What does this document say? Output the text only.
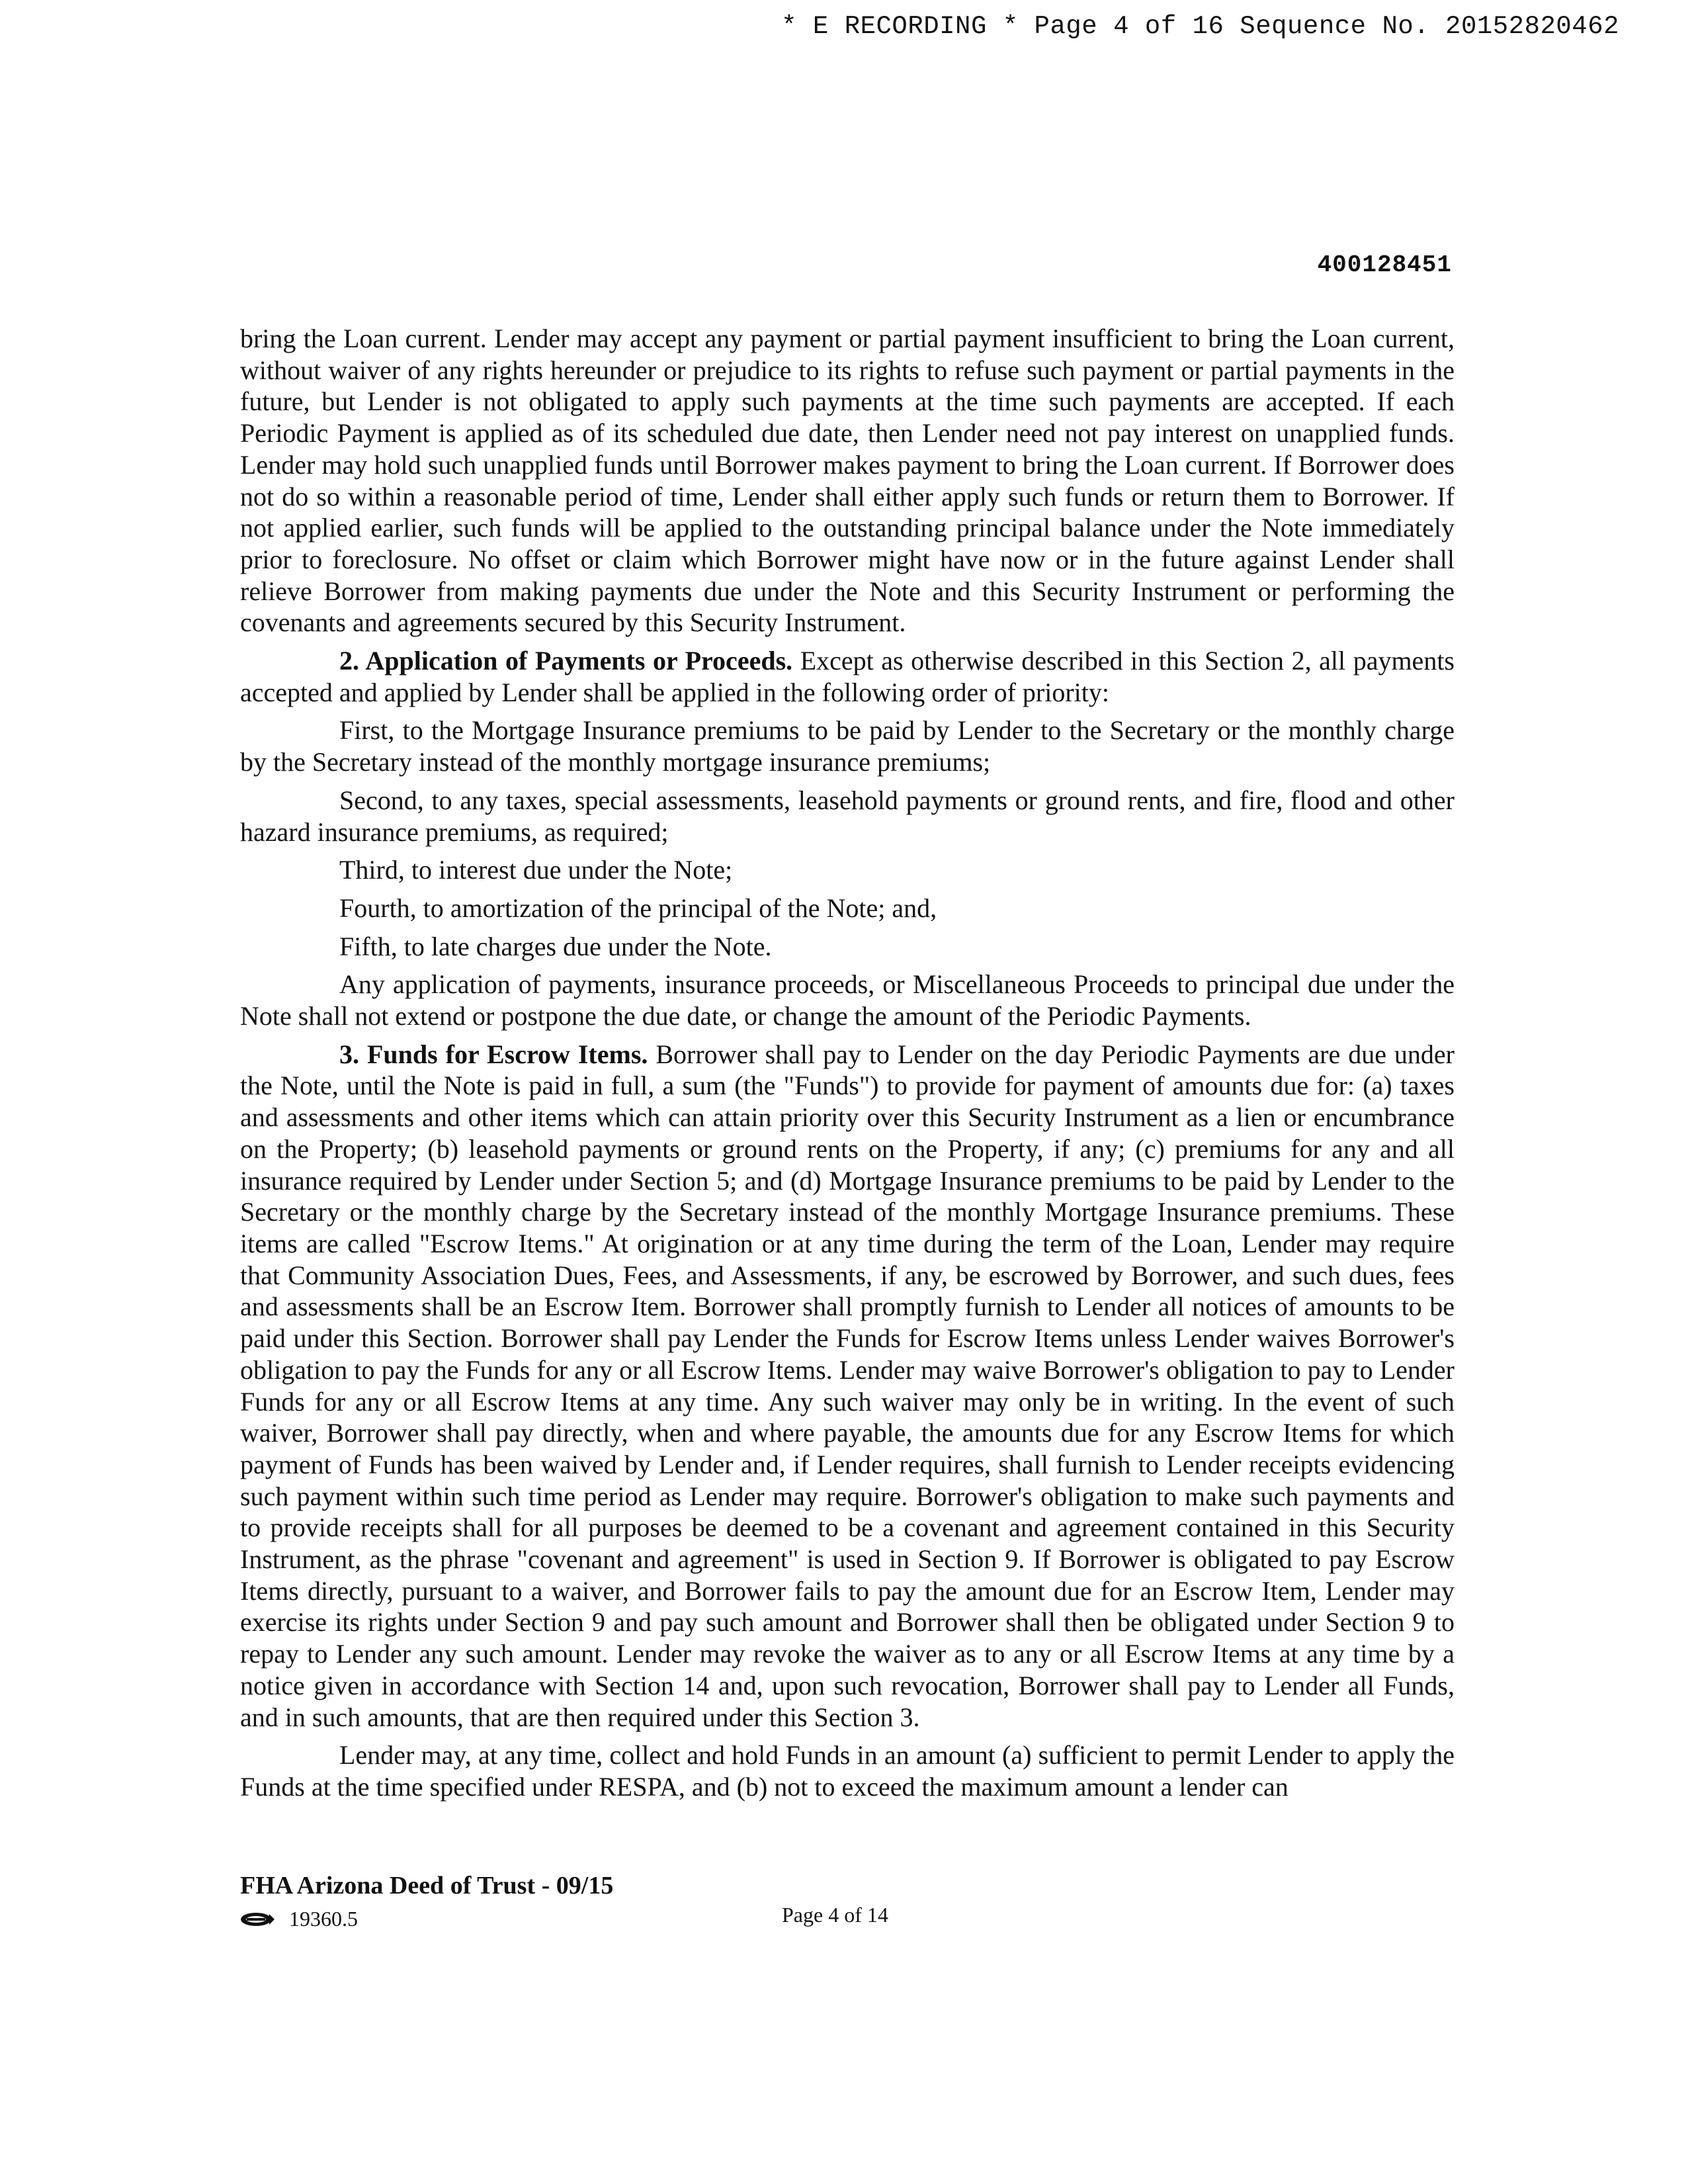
* E RECORDING * Page 4 of 16 Sequence No. 20152820462
400128451

bring the Loan current. Lender may accept any payment or partial payment insufficient to bring the Loan current, without waiver of any rights hereunder or prejudice to its rights to refuse such payment or partial payments in the future, but Lender is not obligated to apply such payments at the time such payments are accepted. If each Periodic Payment is applied as of its scheduled due date, then Lender need not pay interest on unapplied funds. Lender may hold such unapplied funds until Borrower makes payment to bring the Loan current. If Borrower does not do so within a reasonable period of time, Lender shall either apply such funds or return them to Borrower. If not applied earlier, such funds will be applied to the outstanding principal balance under the Note immediately prior to foreclosure. No offset or claim which Borrower might have now or in the future against Lender shall relieve Borrower from making payments due under the Note and this Security Instrument or performing the covenants and agreements secured by this Security Instrument.

2. Application of Payments or Proceeds. Except as otherwise described in this Section 2, all payments accepted and applied by Lender shall be applied in the following order of priority:

First, to the Mortgage Insurance premiums to be paid by Lender to the Secretary or the monthly charge by the Secretary instead of the monthly mortgage insurance premiums;

Second, to any taxes, special assessments, leasehold payments or ground rents, and fire, flood and other hazard insurance premiums, as required;

Third, to interest due under the Note;

Fourth, to amortization of the principal of the Note; and,

Fifth, to late charges due under the Note.

Any application of payments, insurance proceeds, or Miscellaneous Proceeds to principal due under the Note shall not extend or postpone the due date, or change the amount of the Periodic Payments.

3. Funds for Escrow Items. Borrower shall pay to Lender on the day Periodic Payments are due under the Note, until the Note is paid in full, a sum (the "Funds") to provide for payment of amounts due for: (a) taxes and assessments and other items which can attain priority over this Security Instrument as a lien or encumbrance on the Property; (b) leasehold payments or ground rents on the Property, if any; (c) premiums for any and all insurance required by Lender under Section 5; and (d) Mortgage Insurance premiums to be paid by Lender to the Secretary or the monthly charge by the Secretary instead of the monthly Mortgage Insurance premiums. These items are called "Escrow Items." At origination or at any time during the term of the Loan, Lender may require that Community Association Dues, Fees, and Assessments, if any, be escrowed by Borrower, and such dues, fees and assessments shall be an Escrow Item. Borrower shall promptly furnish to Lender all notices of amounts to be paid under this Section. Borrower shall pay Lender the Funds for Escrow Items unless Lender waives Borrower's obligation to pay the Funds for any or all Escrow Items. Lender may waive Borrower's obligation to pay to Lender Funds for any or all Escrow Items at any time. Any such waiver may only be in writing. In the event of such waiver, Borrower shall pay directly, when and where payable, the amounts due for any Escrow Items for which payment of Funds has been waived by Lender and, if Lender requires, shall furnish to Lender receipts evidencing such payment within such time period as Lender may require. Borrower's obligation to make such payments and to provide receipts shall for all purposes be deemed to be a covenant and agreement contained in this Security Instrument, as the phrase "covenant and agreement" is used in Section 9. If Borrower is obligated to pay Escrow Items directly, pursuant to a waiver, and Borrower fails to pay the amount due for an Escrow Item, Lender may exercise its rights under Section 9 and pay such amount and Borrower shall then be obligated under Section 9 to repay to Lender any such amount. Lender may revoke the waiver as to any or all Escrow Items at any time by a notice given in accordance with Section 14 and, upon such revocation, Borrower shall pay to Lender all Funds, and in such amounts, that are then required under this Section 3.

Lender may, at any time, collect and hold Funds in an amount (a) sufficient to permit Lender to apply the Funds at the time specified under RESPA, and (b) not to exceed the maximum amount a lender can

FHA Arizona Deed of Trust - 09/15
19360.5	Page 4 of 14
